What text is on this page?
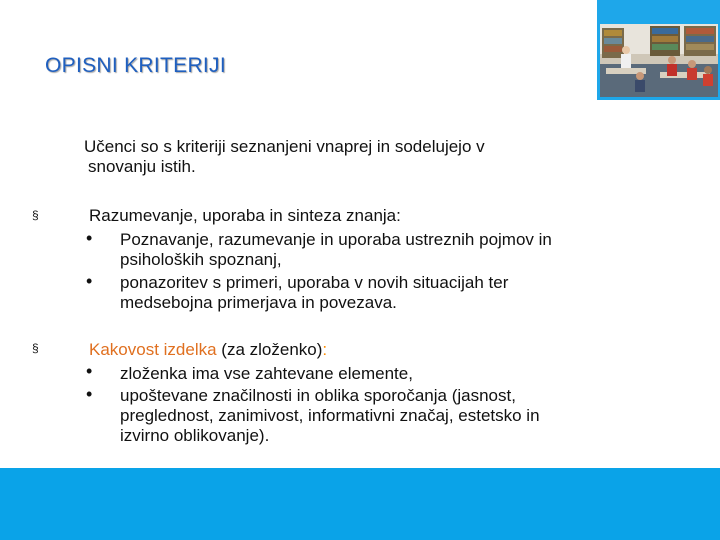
OPISNI KRITERIJI
Učenci so s kriteriji seznanjeni vnaprej in sodelujejo v
snovanju istih.
§	Razumevanje, uporaba in sinteza znanja:
• Poznavanje, razumevanje in uporaba ustreznih pojmov in
psiholoških spoznanj,
• ponazoritev s primeri, uporaba v novih situacijah ter
medsebojna primerjava in povezava.
§	Kakovost izdelka (za zloženko):
• zloženka ima vse zahtevane elemente,
• upoštevane značilnosti in oblika sporočanja (jasnost,
preglednost, zanimivost, informativni značaj, estetsko in
izvirno oblikovanje).
